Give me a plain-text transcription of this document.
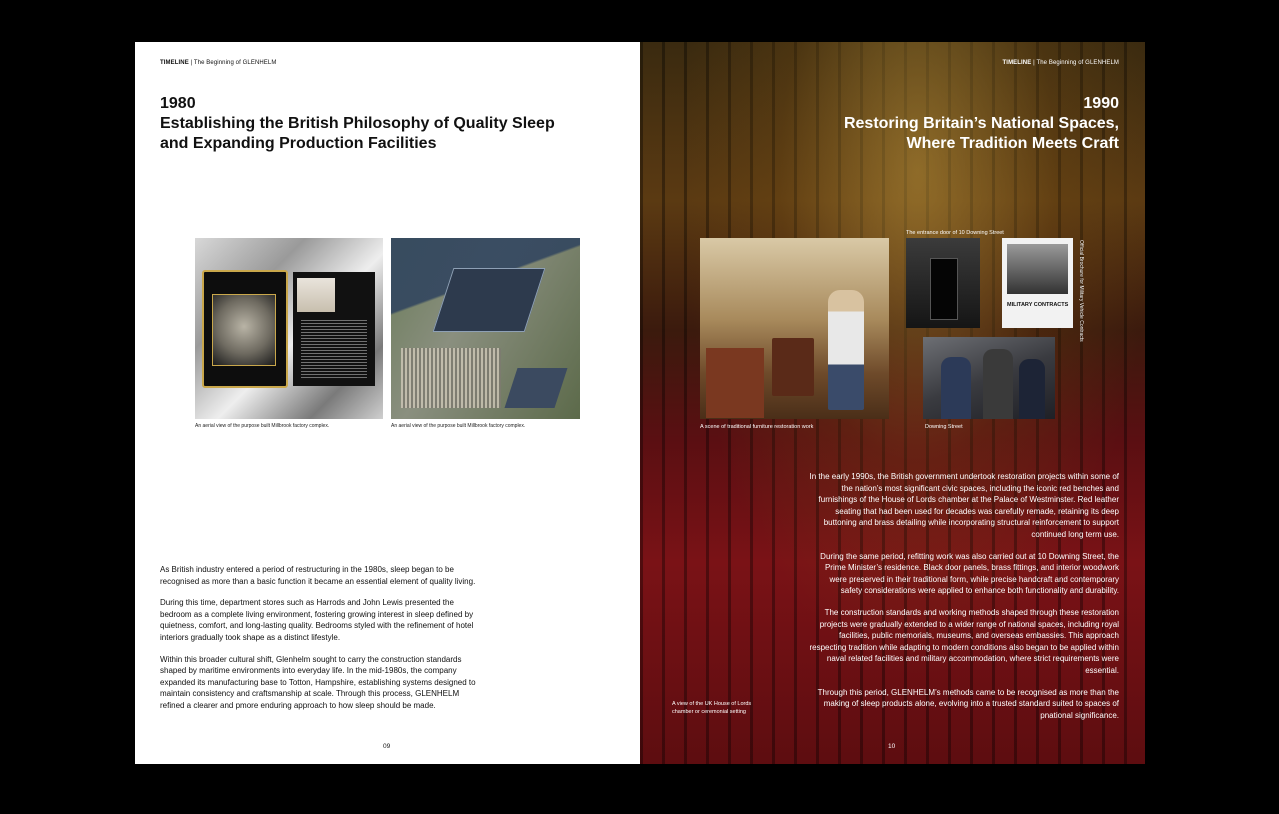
TIMELINE | The Beginning of GLENHELM
1980
Establishing the British Philosophy of Quality Sleep
and Expanding Production Facilities
An aerial view of the purpose built Millbrook factory complex.	An aerial view of the purpose built Millbrook factory complex.

As British industry entered a period of restructuring in the 1980s, sleep began to be recognised as more than a basic function it became an essential element of quality living.

During this time, department stores such as Harrods and John Lewis presented the bedroom as a complete living environment, fostering growing interest in sleep defined by quietness, comfort, and long-lasting quality. Bedrooms styled with the refinement of hotel interiors gradually took shape as a distinct lifestyle.

Within this broader cultural shift, Glenhelm sought to carry the construction standards shaped by maritime environments into everyday life. In the mid-1980s, the company expanded its manufacturing base to Totton, Hampshire, establishing systems designed to maintain consistency and craftsmanship at scale. Through this process, GLENHELM refined a clearer and pmore enduring approach to how sleep should be made.

09
TIMELINE | The Beginning of GLENHELM
1990
Restoring Britain’s National Spaces,
Where Tradition Meets Craft
The entrance door of 10 Downing Street
MILITARY CONTRACTS Official Brochure for Military Vehicle Contracts
A scene of traditional furniture restoration work	Downing Street

In the early 1990s, the British government undertook restoration projects within some of the nation’s most significant civic spaces, including the iconic red benches and furnishings of the House of Lords chamber at the Palace of Westminster. Red leather seating that had been used for decades was carefully remade, retaining its deep buttoning and brass detailing while incorporating structural reinforcement to support continued long term use.

During the same period, refitting work was also carried out at 10 Downing Street, the Prime Minister’s residence. Black door panels, brass fittings, and interior woodwork were preserved in their traditional form, while precise handcraft and contemporary safety considerations were applied to enhance both functionality and durability.

The construction standards and working methods shaped through these restoration projects were gradually extended to a wider range of national spaces, including royal facilities, public memorials, museums, and overseas embassies. This approach respecting tradition while adapting to modern conditions also began to be applied within naval related facilities and military accommodation, where strict requirements were essential.

Through this period, GLENHELM’s methods came to be recognised as more than the making of sleep products alone, evolving into a trusted standard suited to spaces of pnational significance.

A view of the UK House of Lords chamber or ceremonial setting
10
